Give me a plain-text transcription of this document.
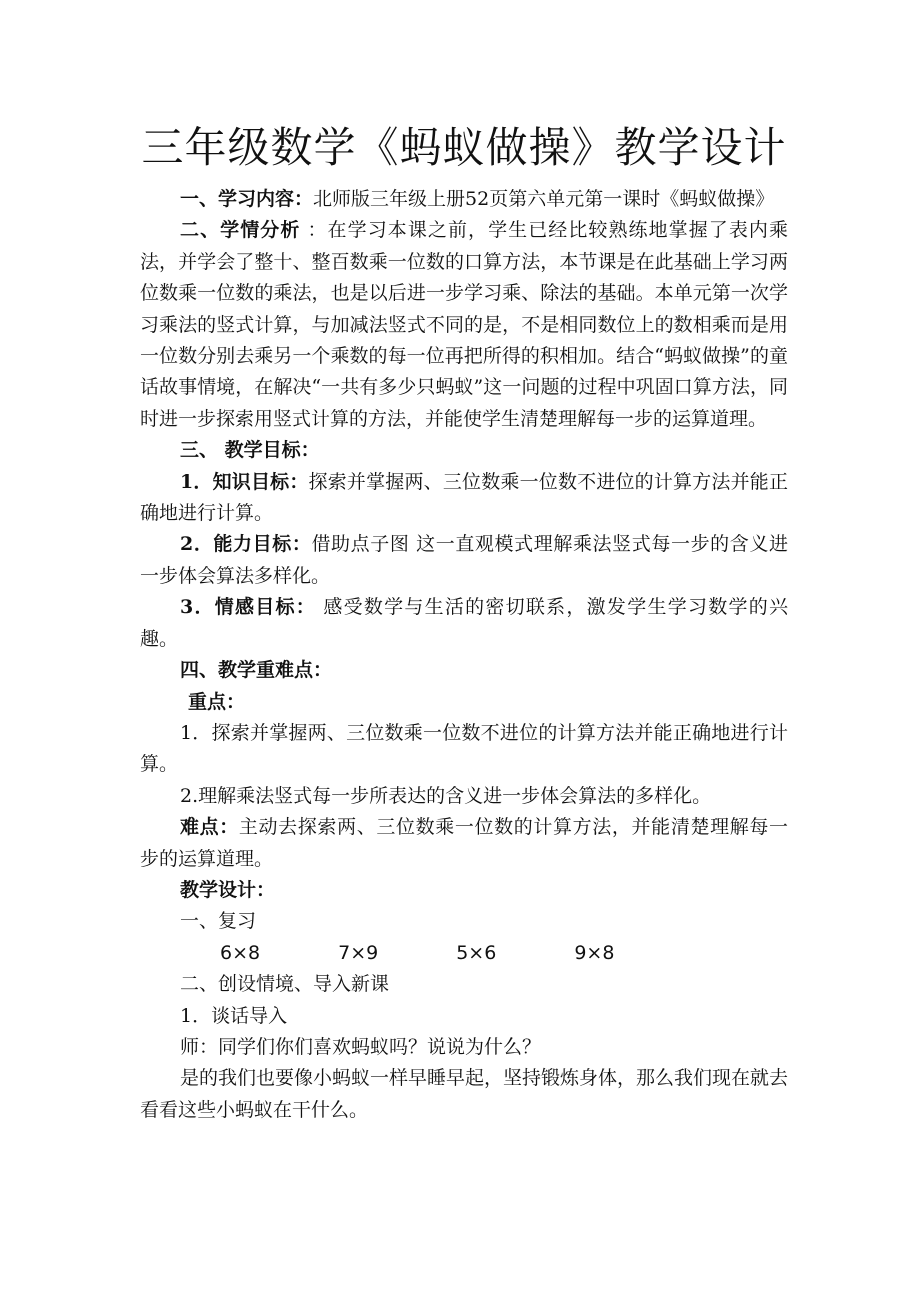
三年级数学《蚂蚁做操》教学设计

一、学习内容：北师版三年级上册52页第六单元第一课时《蚂蚁做操》

二、学情分析 ：在学习本课之前，学生已经比较熟练地掌握了表内乘法，并学会了整十、整百数乘一位数的口算方法，本节课是在此基础上学习两位数乘一位数的乘法，也是以后进一步学习乘、除法的基础。本单元第一次学习乘法的竖式计算，与加减法竖式不同的是，不是相同数位上的数相乘而是用一位数分别去乘另一个乘数的每一位再把所得的积相加。结合“蚂蚁做操”的童话故事情境，在解决“一共有多少只蚂蚁”这一问题的过程中巩固口算方法，同时进一步探索用竖式计算的方法，并能使学生清楚理解每一步的运算道理。

三、 教学目标：

1．知识目标：探索并掌握两、三位数乘一位数不进位的计算方法并能正确地进行计算。

2．能力目标：借助点子图 这一直观模式理解乘法竖式每一步的含义进一步体会算法多样化。

3．情感目标： 感受数学与生活的密切联系，激发学生学习数学的兴趣。

四、教学重难点：

重点：

1．探索并掌握两、三位数乘一位数不进位的计算方法并能正确地进行计算。

2.理解乘法竖式每一步所表达的含义进一步体会算法的多样化。

难点：主动去探索两、三位数乘一位数的计算方法，并能清楚理解每一步的运算道理。

教学设计：

一、复习

6×8	7×9	5×6	9×8

二、创设情境、导入新课

1．谈话导入

师：同学们你们喜欢蚂蚁吗？说说为什么？

是的我们也要像小蚂蚁一样早睡早起，坚持锻炼身体，那么我们现在就去看看这些小蚂蚁在干什么。
